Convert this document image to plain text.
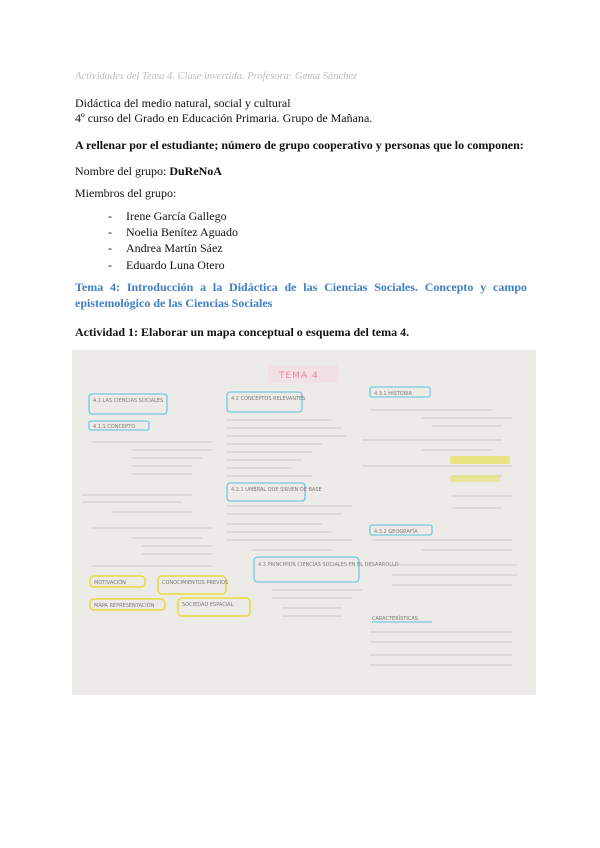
Actividades del Tema 4. Clase invertida. Profesora: Gema Sánchez
Didáctica del medio natural, social y cultural
4º curso del Grado en Educación Primaria. Grupo de Mañana.
A rellenar por el estudiante; número de grupo cooperativo y personas que lo componen:
Nombre del grupo: DuReNoA
Miembros del grupo:
- Irene García Gallego
- Noelia Benítez Aguado
- Andrea Martín Sáez
- Eduardo Luna Otero
Tema 4: Introducción a la Didáctica de las Ciencias Sociales. Concepto y campo epistemológico de las Ciencias Sociales
Actividad 1: Elaborar un mapa conceptual o esquema del tema 4.
TEMA 4
4.1 LAS CIENCIAS SOCIALES
4.1.1 CONCEPTO
MOTIVACIÓN	CONOCIMIENTOS PREVIOS
MAPA REPRESENTACIÓN	SOCIEDAD ESPACIAL
4.2 CONCEPTOS RELEVANTES
4.2.1 UMBRAL QUE SIRVEN DE BASE
4.3 PRINCIPIOS CIENCIAS SOCIALES EN EL DESARROLLO
4.3.1 HISTORIA
4.3.2 GEOGRAFÍA
CARACTERÍSTICAS
